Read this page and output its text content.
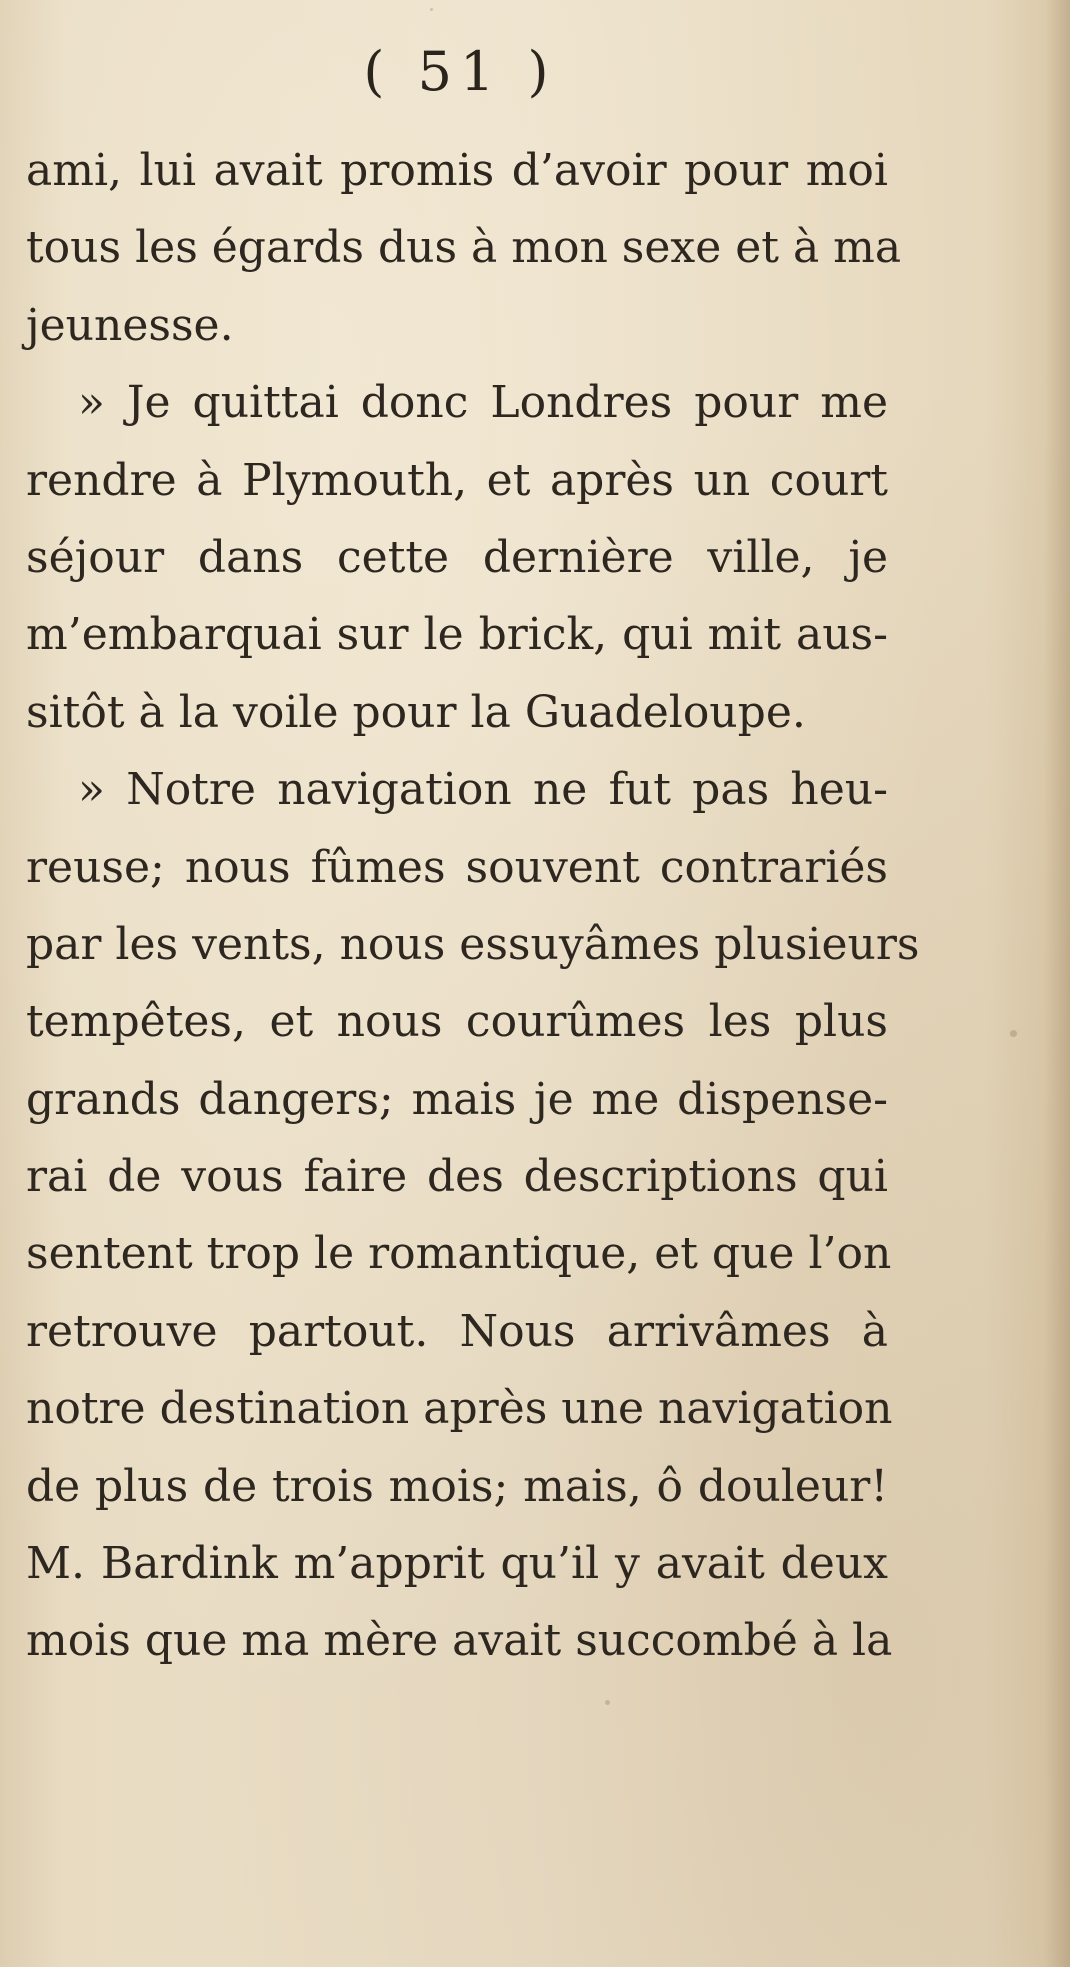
( 51 )
ami, lui avait promis d’avoir pour moi
tous les égards dus à mon sexe et à ma
jeunesse.
» Je quittai donc Londres pour me
rendre à Plymouth, et après un court
séjour dans cette dernière ville, je
m’embarquai sur le brick, qui mit aus-
sitôt à la voile pour la Guadeloupe.
» Notre navigation ne fut pas heu-
reuse; nous fûmes souvent contrariés
par les vents, nous essuyâmes plusieurs
tempêtes, et nous courûmes les plus
grands dangers; mais je me dispense-
rai de vous faire des descriptions qui
sentent trop le romantique, et que l’on
retrouve partout. Nous arrivâmes à
notre destination après une navigation
de plus de trois mois; mais, ô douleur!
M. Bardink m’apprit qu’il y avait deux
mois que ma mère avait succombé à la
